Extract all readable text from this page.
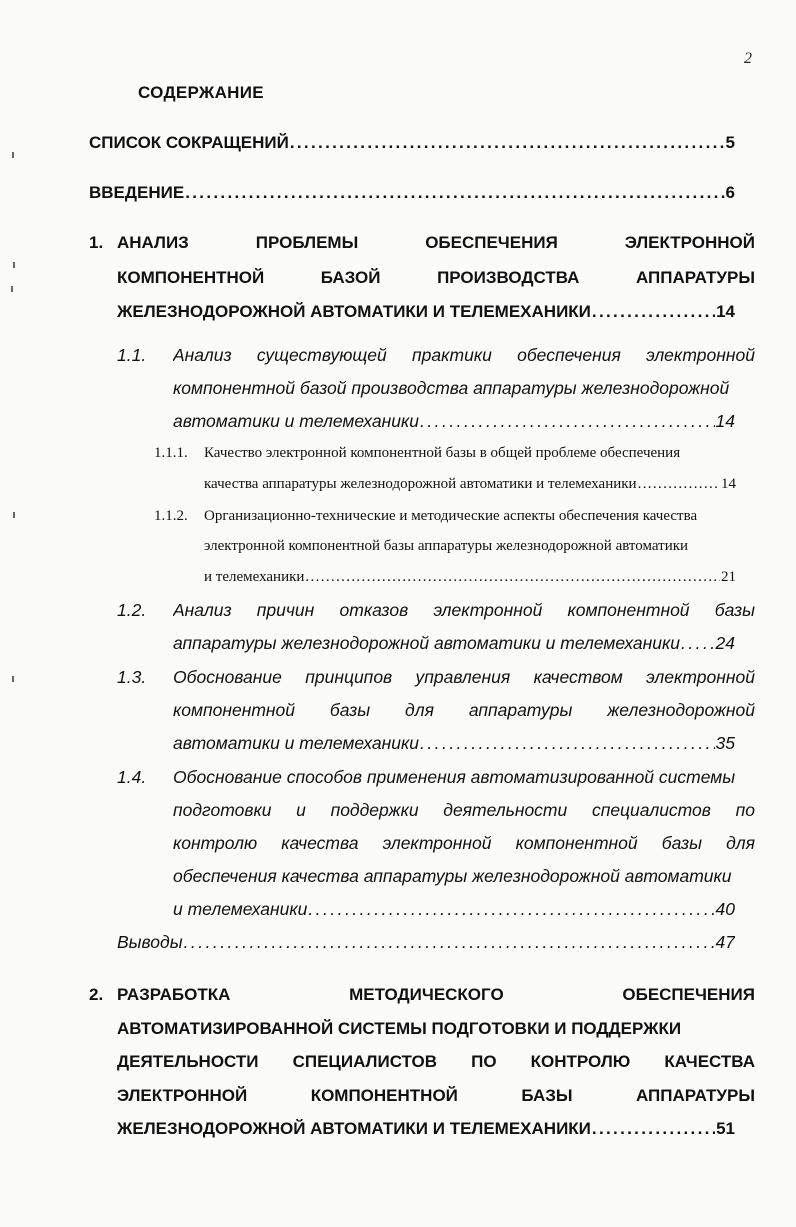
2
СОДЕРЖАНИЕ
СПИСОК СОКРАЩЕНИЙ . . .	5
ВВЕДЕНИЕ . . .	6
1. АНАЛИЗ	ПРОБЛЕМЫ	ОБЕСПЕЧЕНИЯ	ЭЛЕКТРОННОЙ
КОМПОНЕНТНОЙ	БАЗОЙ	ПРОИЗВОДСТВА	АППАРАТУРЫ
ЖЕЛЕЗНОДОРОЖНОЙ АВТОМАТИКИ И ТЕЛЕМЕХАНИКИ . . .	14
1.1. Анализ существующей практики обеспечения электронной
компонентной базой производства аппаратуры железнодорожной
автоматики и телемеханики . . .	14
1.1.1. Качество электронной компонентной базы в общей проблеме обеспечения
качества аппаратуры железнодорожной автоматики и телемеханики . . .	14
1.1.2. Организационно-технические и методические аспекты обеспечения качества
электронной компонентной базы аппаратуры железнодорожной автоматики
и телемеханики . . .	21
1.2. Анализ причин отказов электронной компонентной базы
аппаратуры железнодорожной автоматики и телемеханики . . . 24
1.3. Обоснование принципов управления качеством электронной
компонентной базы для аппаратуры железнодорожной
автоматики и телемеханики . . .	35
1.4. Обоснование способов применения автоматизированной системы
подготовки и поддержки деятельности специалистов по
контролю качества электронной компонентной базы для
обеспечения качества аппаратуры железнодорожной автоматики
и телемеханики . . .	40
Выводы . . .	47
2. РАЗРАБОТКА	МЕТОДИЧЕСКОГО	ОБЕСПЕЧЕНИЯ
АВТОМАТИЗИРОВАННОЙ СИСТЕМЫ ПОДГОТОВКИ И ПОДДЕРЖКИ
ДЕЯТЕЛЬНОСТИ СПЕЦИАЛИСТОВ ПО КОНТРОЛЮ КАЧЕСТВА
ЭЛЕКТРОННОЙ	КОМПОНЕНТНОЙ	БАЗЫ	АППАРАТУРЫ
ЖЕЛЕЗНОДОРОЖНОЙ АВТОМАТИКИ И ТЕЛЕМЕХАНИКИ . . .	51
